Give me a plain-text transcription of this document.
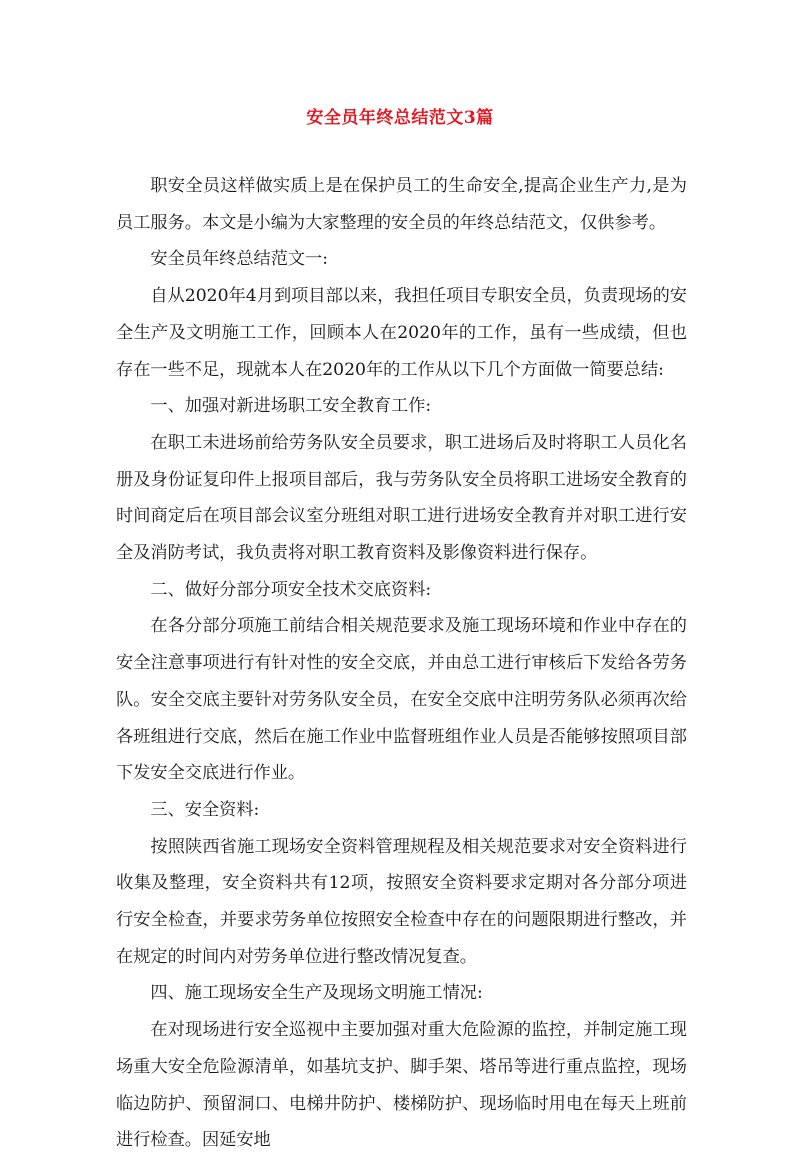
安全员年终总结范文3篇

职安全员这样做实质上是在保护员工的生命安全,提高企业生产力,是为员工服务。本文是小编为大家整理的安全员的年终总结范文，仅供参考。

安全员年终总结范文一:

自从2020年4月到项目部以来，我担任项目专职安全员，负责现场的安全生产及文明施工工作，回顾本人在2020年的工作，虽有一些成绩，但也存在一些不足，现就本人在2020年的工作从以下几个方面做一简要总结:

一、加强对新进场职工安全教育工作:

在职工未进场前给劳务队安全员要求，职工进场后及时将职工人员化名册及身份证复印件上报项目部后，我与劳务队安全员将职工进场安全教育的时间商定后在项目部会议室分班组对职工进行进场安全教育并对职工进行安全及消防考试，我负责将对职工教育资料及影像资料进行保存。

二、做好分部分项安全技术交底资料:

在各分部分项施工前结合相关规范要求及施工现场环境和作业中存在的安全注意事项进行有针对性的安全交底，并由总工进行审核后下发给各劳务队。安全交底主要针对劳务队安全员，在安全交底中注明劳务队必须再次给各班组进行交底，然后在施工作业中监督班组作业人员是否能够按照项目部下发安全交底进行作业。

三、安全资料:

按照陕西省施工现场安全资料管理规程及相关规范要求对安全资料进行收集及整理，安全资料共有12项，按照安全资料要求定期对各分部分项进行安全检查，并要求劳务单位按照安全检查中存在的问题限期进行整改，并在规定的时间内对劳务单位进行整改情况复查。

四、施工现场安全生产及现场文明施工情况:

在对现场进行安全巡视中主要加强对重大危险源的监控，并制定施工现场重大安全危险源清单，如基坑支护、脚手架、塔吊等进行重点监控，现场临边防护、预留洞口、电梯井防护、楼梯防护、现场临时用电在每天上班前进行检查。因延安地
